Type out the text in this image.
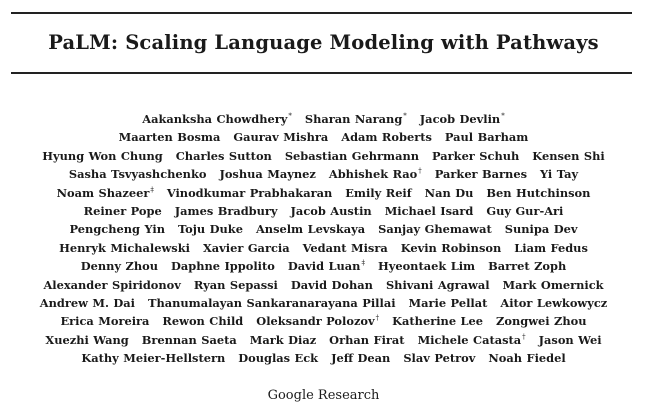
PaLM: Scaling Language Modeling with Pathways
Aakanksha Chowdhery* Sharan Narang* Jacob Devlin*
Maarten Bosma Gaurav Mishra Adam Roberts Paul Barham
Hyung Won Chung Charles Sutton Sebastian Gehrmann Parker Schuh Kensen Shi
Sasha Tsvyashchenko Joshua Maynez Abhishek Rao† Parker Barnes Yi Tay
Noam Shazeer‡ Vinodkumar Prabhakaran Emily Reif Nan Du Ben Hutchinson
Reiner Pope James Bradbury Jacob Austin Michael Isard Guy Gur-Ari
Pengcheng Yin Toju Duke Anselm Levskaya Sanjay Ghemawat Sunipa Dev
Henryk Michalewski Xavier Garcia Vedant Misra Kevin Robinson Liam Fedus
Denny Zhou Daphne Ippolito David Luan‡ Hyeontaek Lim Barret Zoph
Alexander Spiridonov Ryan Sepassi David Dohan Shivani Agrawal Mark Omernick
Andrew M. Dai Thanumalayan Sankaranarayana Pillai Marie Pellat Aitor Lewkowycz
Erica Moreira Rewon Child Oleksandr Polozov† Katherine Lee Zongwei Zhou
Xuezhi Wang Brennan Saeta Mark Diaz Orhan Firat Michele Catasta† Jason Wei
Kathy Meier-Hellstern Douglas Eck Jeff Dean Slav Petrov Noah Fiedel
Google Research
